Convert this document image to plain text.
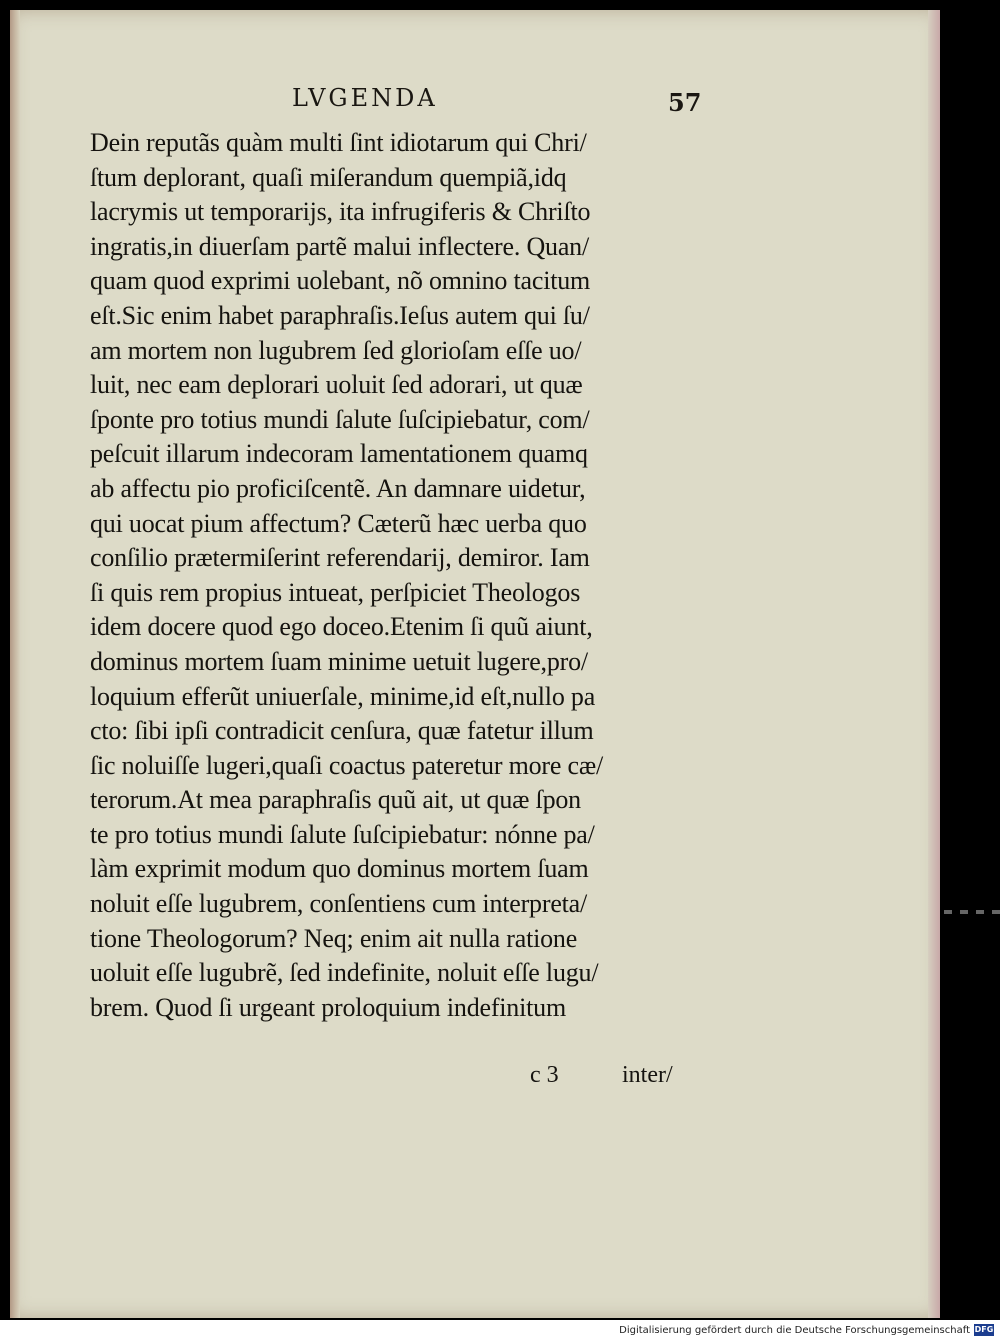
LVGENDA	57
Dein reputãs quàm multi ſint idiotarum qui Chri/
ſtum deplorant, quaſi miſerandum quempiã,idq
lacrymis ut temporarijs, ita infrugiferis & Chriſto
ingratis,in diuerſam partẽ malui inflectere. Quan/
quam quod exprimi uolebant, nõ omnino tacitum
eſt.Sic enim habet paraphraſis.Ieſus autem qui ſu/
am mortem non lugubrem ſed glorioſam eſſe uo/
luit, nec eam deplorari uoluit ſed adorari, ut quæ
ſponte pro totius mundi ſalute ſuſcipiebatur, com/
peſcuit illarum indecoram lamentationem quamq
ab affectu pio proficiſcentẽ. An damnare uidetur,
qui uocat pium affectum? Cæterũ hæc uerba quo
conſilio prætermiſerint referendarij, demiror. Iam
ſi quis rem propius intueat, perſpiciet Theologos
idem docere quod ego doceo.Etenim ſi quũ aiunt,
dominus mortem ſuam minime uetuit lugere,pro/
loquium efferũt uniuerſale, minime,id eſt,nullo pa
cto: ſibi ipſi contradicit cenſura, quæ fatetur illum
ſic noluiſſe lugeri,quaſi coactus pateretur more cæ/
terorum.At mea paraphraſis quũ ait, ut quæ ſpon
te pro totius mundi ſalute ſuſcipiebatur: nónne pa/
làm exprimit modum quo dominus mortem ſuam
noluit eſſe lugubrem, conſentiens cum interpreta/
tione Theologorum? Neq; enim ait nulla ratione
uoluit eſſe lugubrẽ, ſed indefinite, noluit eſſe lugu/
brem. Quod ſi urgeant proloquium indefinitum
c 3	inter/
Digitalisierung gefördert durch die Deutsche Forschungsgemeinschaft DFG
